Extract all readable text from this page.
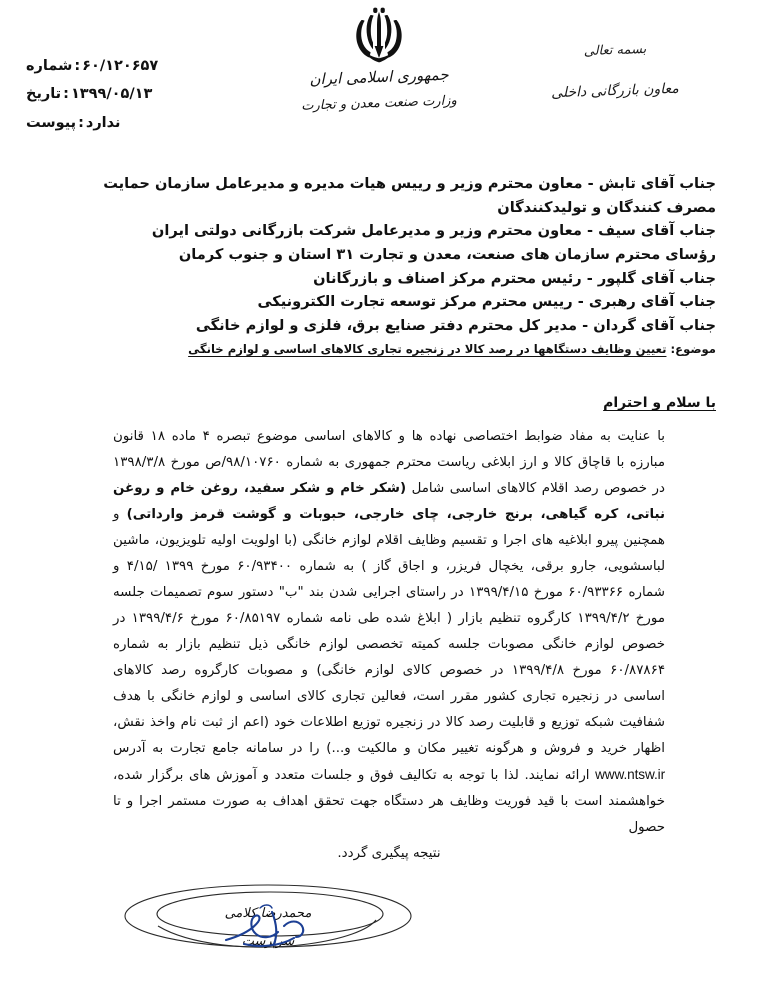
بسمه تعالی
معاون بازرگانی داخلی
جمهوری اسلامی ایران
وزارت صنعت معدن و تجارت
۶۰/۱۲۰۶۵۷:شماره
۱۳۹۹/۰۵/۱۳:تاریخ
ندارد:پیوست
جناب آقای تابش - معاون محترم وزیر و رییس هیات مدیره و مدیرعامل سازمان حمایت
مصرف کنندگان و تولیدکنندگان
جناب آقای سیف - معاون محترم وزیر و مدیرعامل شرکت بازرگانی دولتی ایران
رؤسای محترم سازمان های صنعت، معدن و تجارت ۳۱ استان و جنوب کرمان
جناب آقای گلپور - رئیس محترم مرکز اصناف و بازرگانان
جناب آقای رهبری - رییس محترم مرکز توسعه تجارت الکترونیکی
جناب آقای گردان - مدیر کل محترم دفتر صنایع برق، فلزی و لوازم خانگی
موضوع: تعیین وظایف دستگاهها در رصد کالا در زنجیره تجاری کالاهای اساسی و لوازم خانگی
با سلام و احترام

با عنایت به مفاد ضوابط اختصاصی نهاده ها و کالاهای اساسی موضوع تبصره ۴ ماده ۱۸ قانون مبارزه با قاچاق کالا و ارز ابلاغی ریاست محترم جمهوری به شماره ۹۸/۱۰۷۶۰/ص مورخ ۱۳۹۸/۳/۸ در خصوص رصد اقلام کالاهای اساسی شامل (شکر خام و شکر سفید، روغن خام و روغن نباتی، کره گیاهی، برنج خارجی، چای خارجی، حبوبات و گوشت قرمز وارداتی) و همچنین پیرو ابلاغیه های اجرا و تقسیم وظایف اقلام لوازم خانگی (با اولویت اولیه تلویزیون، ماشین لباسشویی، جارو برقی، یخچال فریزر، و اجاق گاز ) به شماره ۶۰/۹۳۴۰۰ مورخ ۱۳۹۹ /۴/۱۵ و شماره ۶۰/۹۳۳۶۶ مورخ ۱۳۹۹/۴/۱۵ در راستای اجرایی شدن بند "ب" دستور سوم تصمیمات جلسه مورخ ۱۳۹۹/۴/۲ کارگروه تنظیم بازار ( ابلاغ شده طی نامه شماره ۶۰/۸۵۱۹۷ مورخ ۱۳۹۹/۴/۶ در خصوص لوازم خانگی مصوبات جلسه کمیته تخصصی لوازم خانگی ذیل تنظیم بازار به شماره ۶۰/۸۷۸۶۴ مورخ ۱۳۹۹/۴/۸ در خصوص کالای لوازم خانگی) و مصوبات کارگروه رصد کالاهای اساسی در زنجیره تجاری کشور مقرر است، فعالین تجاری کالای اساسی و لوازم خانگی با هدف شفافیت شبکه توزیع و قابلیت رصد کالا در زنجیره توزیع اطلاعات خود (اعم از ثبت نام واخذ نقش، اظهار خرید و فروش و هرگونه تغییر مکان و مالکیت و...) را در سامانه جامع تجارت به آدرس www.ntsw.ir ارائه نمایند. لذا با توجه به تکالیف فوق و جلسات متعدد و آموزش های برگزار شده، خواهشمند است با قید فوریت وظایف هر دستگاه جهت تحقق اهداف به صورت مستمر اجرا و تا حصول

نتیجه پیگیری گردد.

محمدرضا کلامی
سرپرست
